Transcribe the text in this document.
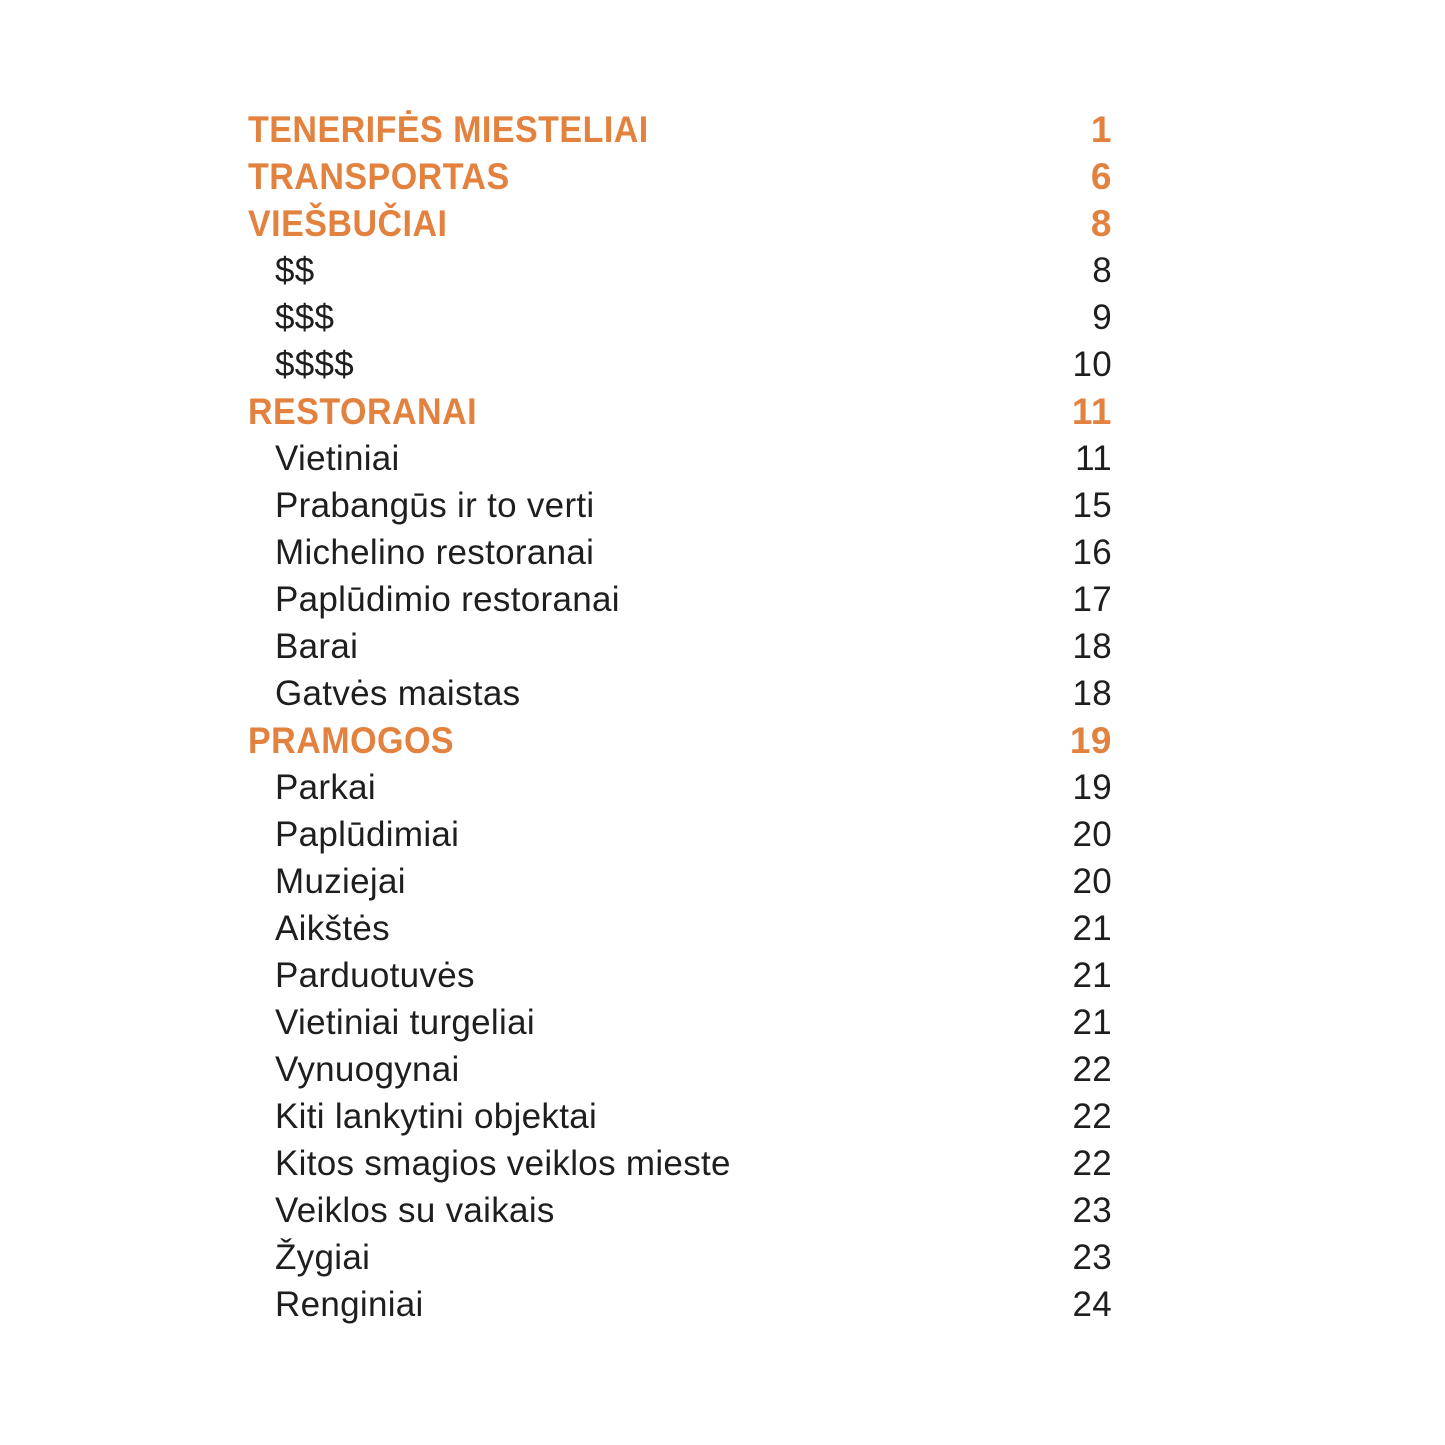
TENERIFĖS MIESTELIAI	1
TRANSPORTAS	6
VIEŠBUČIAI	8
$$	8
$$$	9
$$$$	10
RESTORANAI	11
Vietiniai	11
Prabangūs ir to verti	15
Michelino restoranai	16
Paplūdimio restoranai	17
Barai	18
Gatvės maistas	18
PRAMOGOS	19
Parkai	19
Paplūdimiai	20
Muziejai	20
Aikštės	21
Parduotuvės	21
Vietiniai turgeliai	21
Vynuogynai	22
Kiti lankytini objektai	22
Kitos smagios veiklos mieste	22
Veiklos su vaikais	23
Žygiai	23
Renginiai	24
